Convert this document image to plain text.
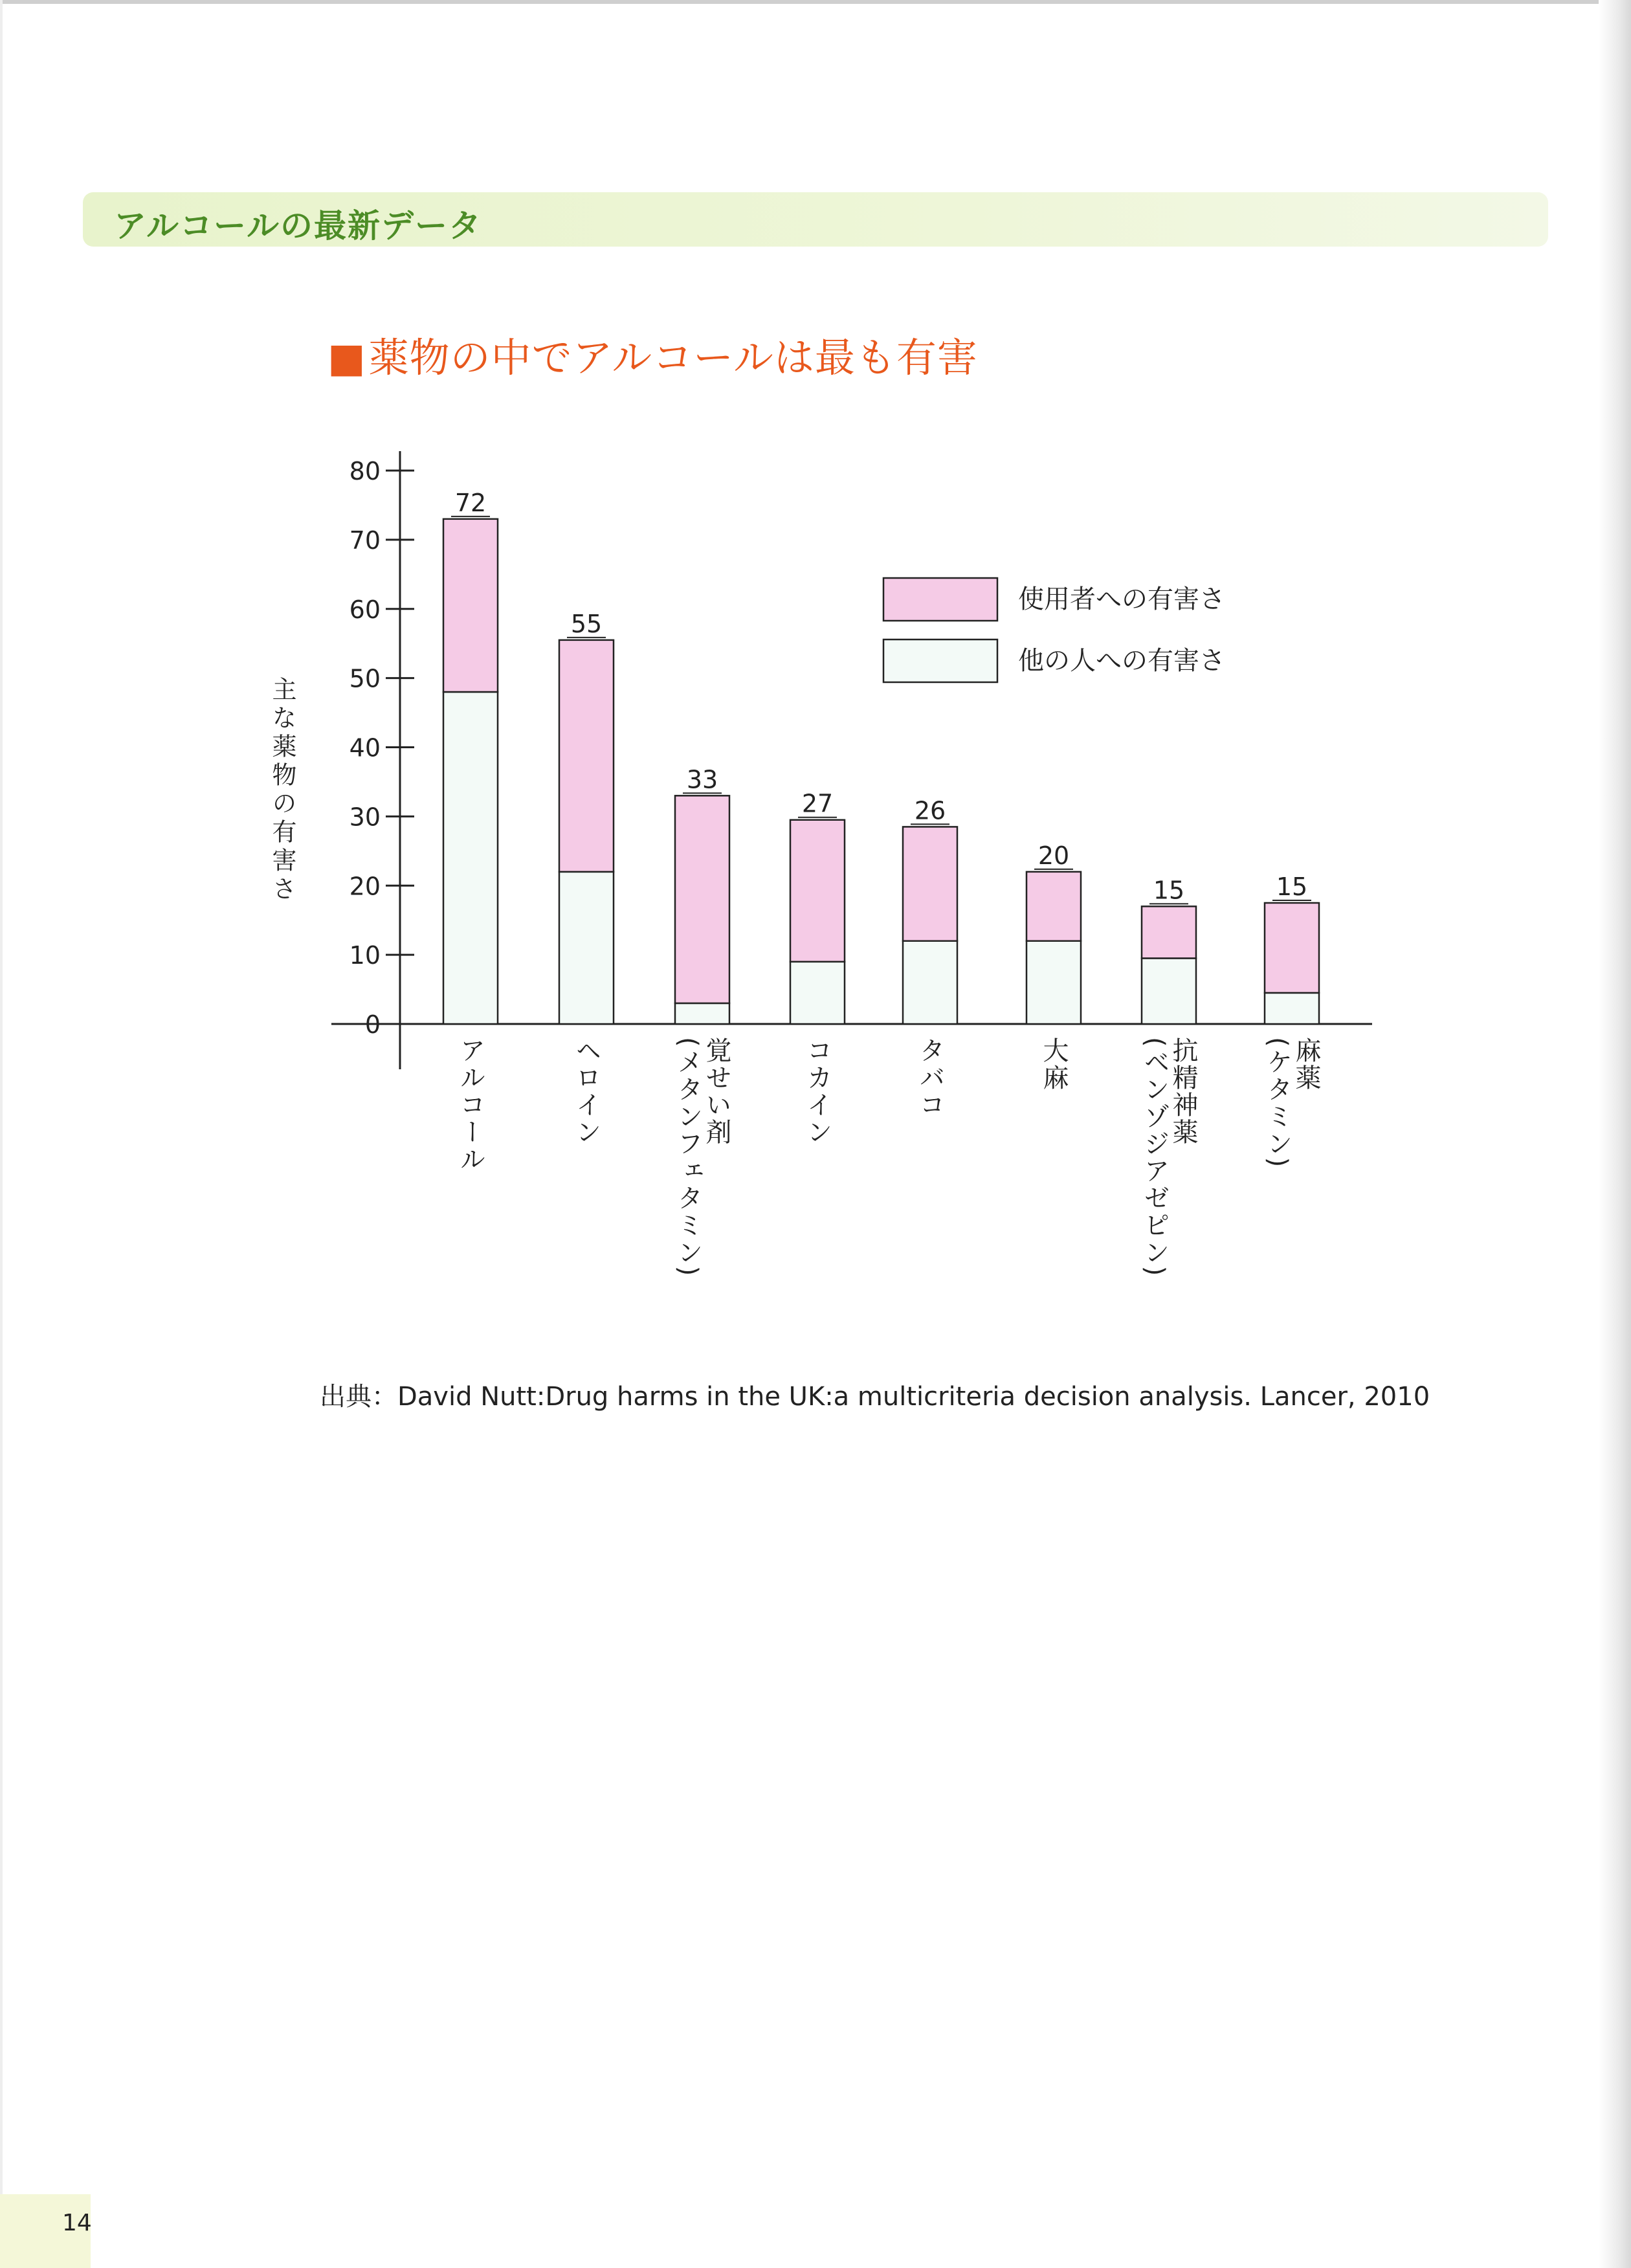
アルコールの最新データ
■薬物の中でアルコールは最も有害
0
10
20
30
40
50
60
70
80
主な薬物の有害さ
72
アルコール
55
ヘロイン
33
覚せい剤
(メタンフェタミン)
27
コカイン
26
タバコ
20
大麻
15
抗精神薬
(ベンゾジアゼピン)
15
麻薬
(ケタミン)
使用者への有害さ
他の人への有害さ
出典：David Nutt:Drug harms in the UK:a multicriteria decision analysis. Lancer, 2010
14
